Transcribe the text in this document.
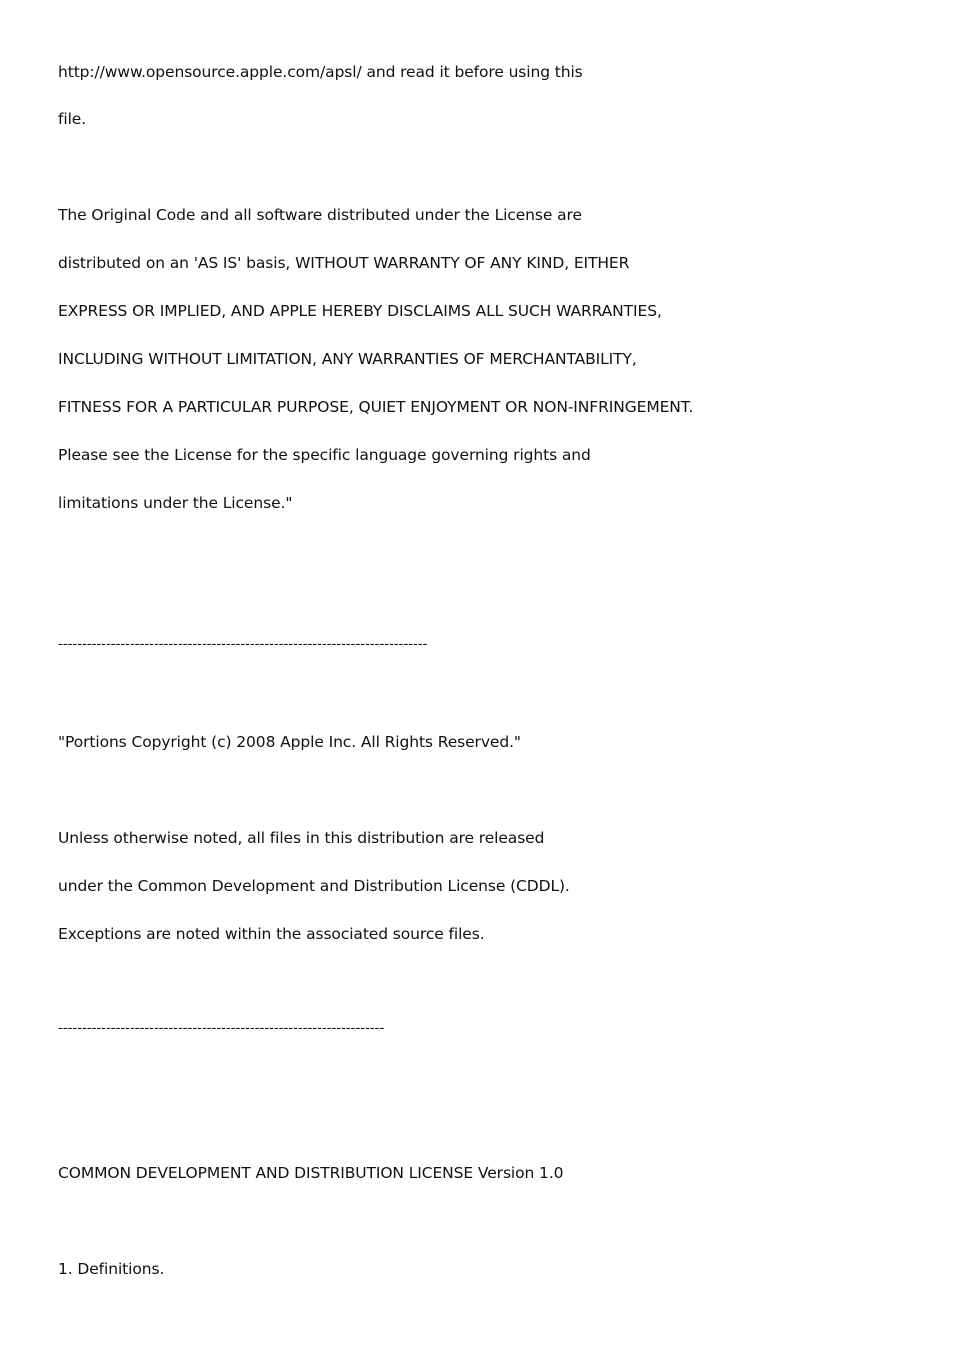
http://www.opensource.apple.com/apsl/ and read it before using this
file.
The Original Code and all software distributed under the License are
distributed on an 'AS IS' basis, WITHOUT WARRANTY OF ANY KIND, EITHER
EXPRESS OR IMPLIED, AND APPLE HEREBY DISCLAIMS ALL SUCH WARRANTIES,
INCLUDING WITHOUT LIMITATION, ANY WARRANTIES OF MERCHANTABILITY,
FITNESS FOR A PARTICULAR PURPOSE, QUIET ENJOYMENT OR NON-INFRINGEMENT.
Please see the License for the specific language governing rights and
limitations under the License."
-----------------------------------------------------------------------------
"Portions Copyright (c) 2008 Apple Inc. All Rights Reserved."
Unless otherwise noted, all files in this distribution are released
under the Common Development and Distribution License (CDDL).
Exceptions are noted within the associated source files.
--------------------------------------------------------------------
COMMON DEVELOPMENT AND DISTRIBUTION LICENSE Version 1.0
1. Definitions.
